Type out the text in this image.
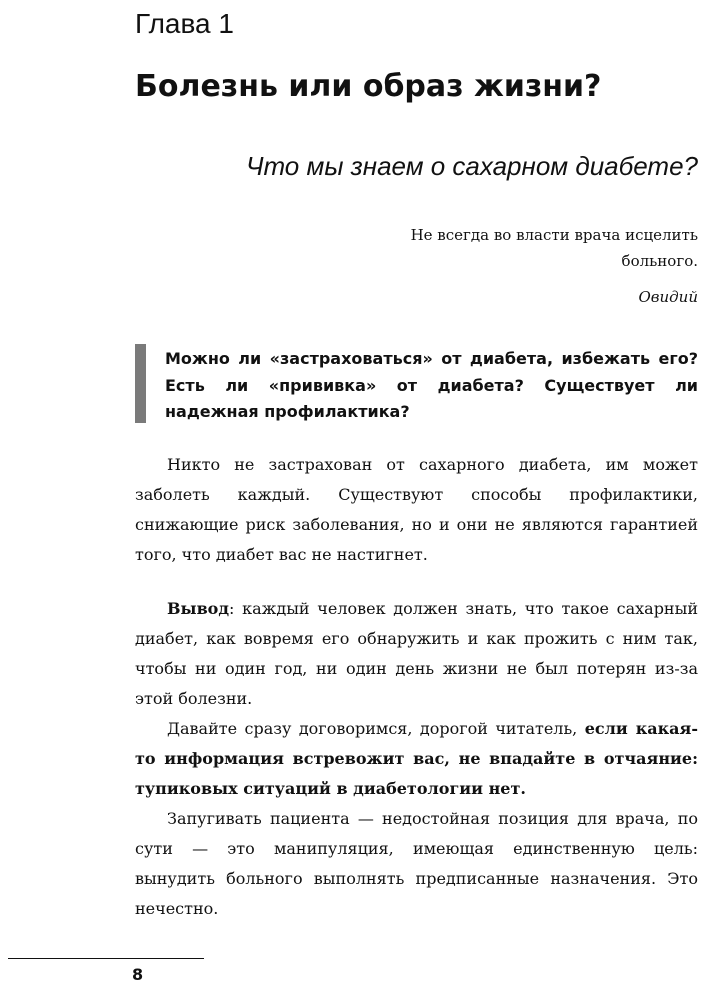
Глава 1
Болезнь или образ жизни?
Что мы знаем о сахарном диабете?
Не всегда во власти врача исцелить больного.
Овидий
Можно ли «застраховаться» от диабета, избежать его? Есть ли «прививка» от диабета? Существует ли надежная профилактика?

Никто не застрахован от сахарного диабета, им может заболеть каждый. Существуют способы профилактики, снижающие риск заболевания, но и они не являются гарантией того, что диабет вас не настигнет.

Вывод: каждый человек должен знать, что такое сахарный диабет, как вовремя его обнаружить и как прожить с ним так, чтобы ни один год, ни один день жизни не был потерян из-за этой болезни.

Давайте сразу договоримся, дорогой читатель, если какая-то информация встревожит вас, не впадайте в отчаяние: тупиковых ситуаций в диабетологии нет.

Запугивать пациента — недостойная позиция для врача, по сути — это манипуляция, имеющая единственную цель: вынудить больного выполнять предписанные назначения. Это нечестно.

8
